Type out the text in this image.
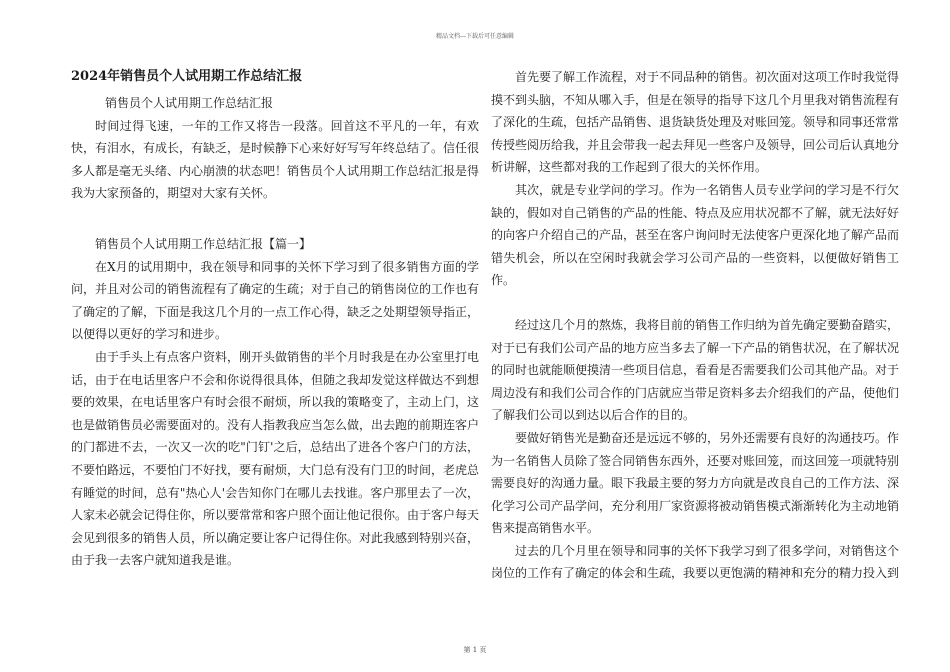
精品文档---下载后可任意编辑

2024年销售员个人试用期工作总结汇报

销售员个人试用期工作总结汇报

时间过得飞速，一年的工作又将告一段落。回首这不平凡的一年，有欢快，有泪水，有成长，有缺乏，是时候静下心来好好写写年终总结了。信任很多人都是毫无头绪、内心崩溃的状态吧！销售员个人试用期工作总结汇报是得我为大家预备的，期望对大家有关怀。

销售员个人试用期工作总结汇报【篇一】

在X月的试用期中，我在领导和同事的关怀下学习到了很多销售方面的学问，并且对公司的销售流程有了确定的生疏；对于自己的销售岗位的工作也有了确定的了解，下面是我这几个月的一点工作心得，缺乏之处期望领导指正，以便得以更好的学习和进步。

由于手头上有点客户资料，刚开头做销售的半个月时我是在办公室里打电话，由于在电话里客户不会和你说得很具体，但随之我却发觉这样做达不到想要的效果，在电话里客户有时会很不耐烦，所以我的策略变了，主动上门，这也是做销售员必需要面对的。没有人指教我应当怎么做，出去跑的前期连客户的门都进不去，一次又一次的吃"门钉'之后，总结出了进各个客户门的方法，不要怕路远，不要怕门不好找，要有耐烦，大门总有没有门卫的时间，老虎总有睡觉的时间，总有"热心人'会告知你门在哪儿去找谁。客户那里去了一次，人家未必就会记得住你，所以要常常和客户照个面让他记很你。由于客户每天会见到很多的销售人员，所以确定要让客户记得住你。对此我感到特别兴奋，由于我一去客户就知道我是谁。

首先要了解工作流程，对于不同品种的销售。初次面对这项工作时我觉得摸不到头脑，不知从哪入手，但是在领导的指导下这几个月里我对销售流程有了深化的生疏，包括产品销售、退货缺货处理及对账回笼。领导和同事还常常传授些阅历给我，并且会带我一起去拜见一些客户及领导，回公司后认真地分析讲解，这些都对我的工作起到了很大的关怀作用。

其次，就是专业学问的学习。作为一名销售人员专业学问的学习是不行欠缺的，假如对自己销售的产品的性能、特点及应用状况都不了解，就无法好好的向客户介绍自己的产品，甚至在客户询问时无法使客户更深化地了解产品而错失机会，所以在空闲时我就会学习公司产品的一些资料，以便做好销售工作。

经过这几个月的熬炼，我将目前的销售工作归纳为首先确定要勤奋踏实，对于已有我们公司产品的地方应当多去了解一下产品的销售状况，在了解状况的同时也就能顺便摸清一些项目信息，看看是否需要我们公司其他产品。对于周边没有和我们公司合作的门店就应当带足资料多去介绍我们的产品，使他们了解我们公司以到达以后合作的目的。

要做好销售光是勤奋还是远远不够的，另外还需要有良好的沟通技巧。作为一名销售人员除了签合同销售东西外，还要对账回笼，而这回笼一项就特别需要良好的沟通力量。眼下我最主要的努力方向就是改良自己的工作方法、深化学习公司产品学问，充分利用厂家资源将被动销售模式渐渐转化为主动地销售来提高销售水平。

过去的几个月里在领导和同事的关怀下我学习到了很多学问，对销售这个岗位的工作有了确定的体会和生疏，我要以更饱满的精神和充分的精力投入到

第 1 页
